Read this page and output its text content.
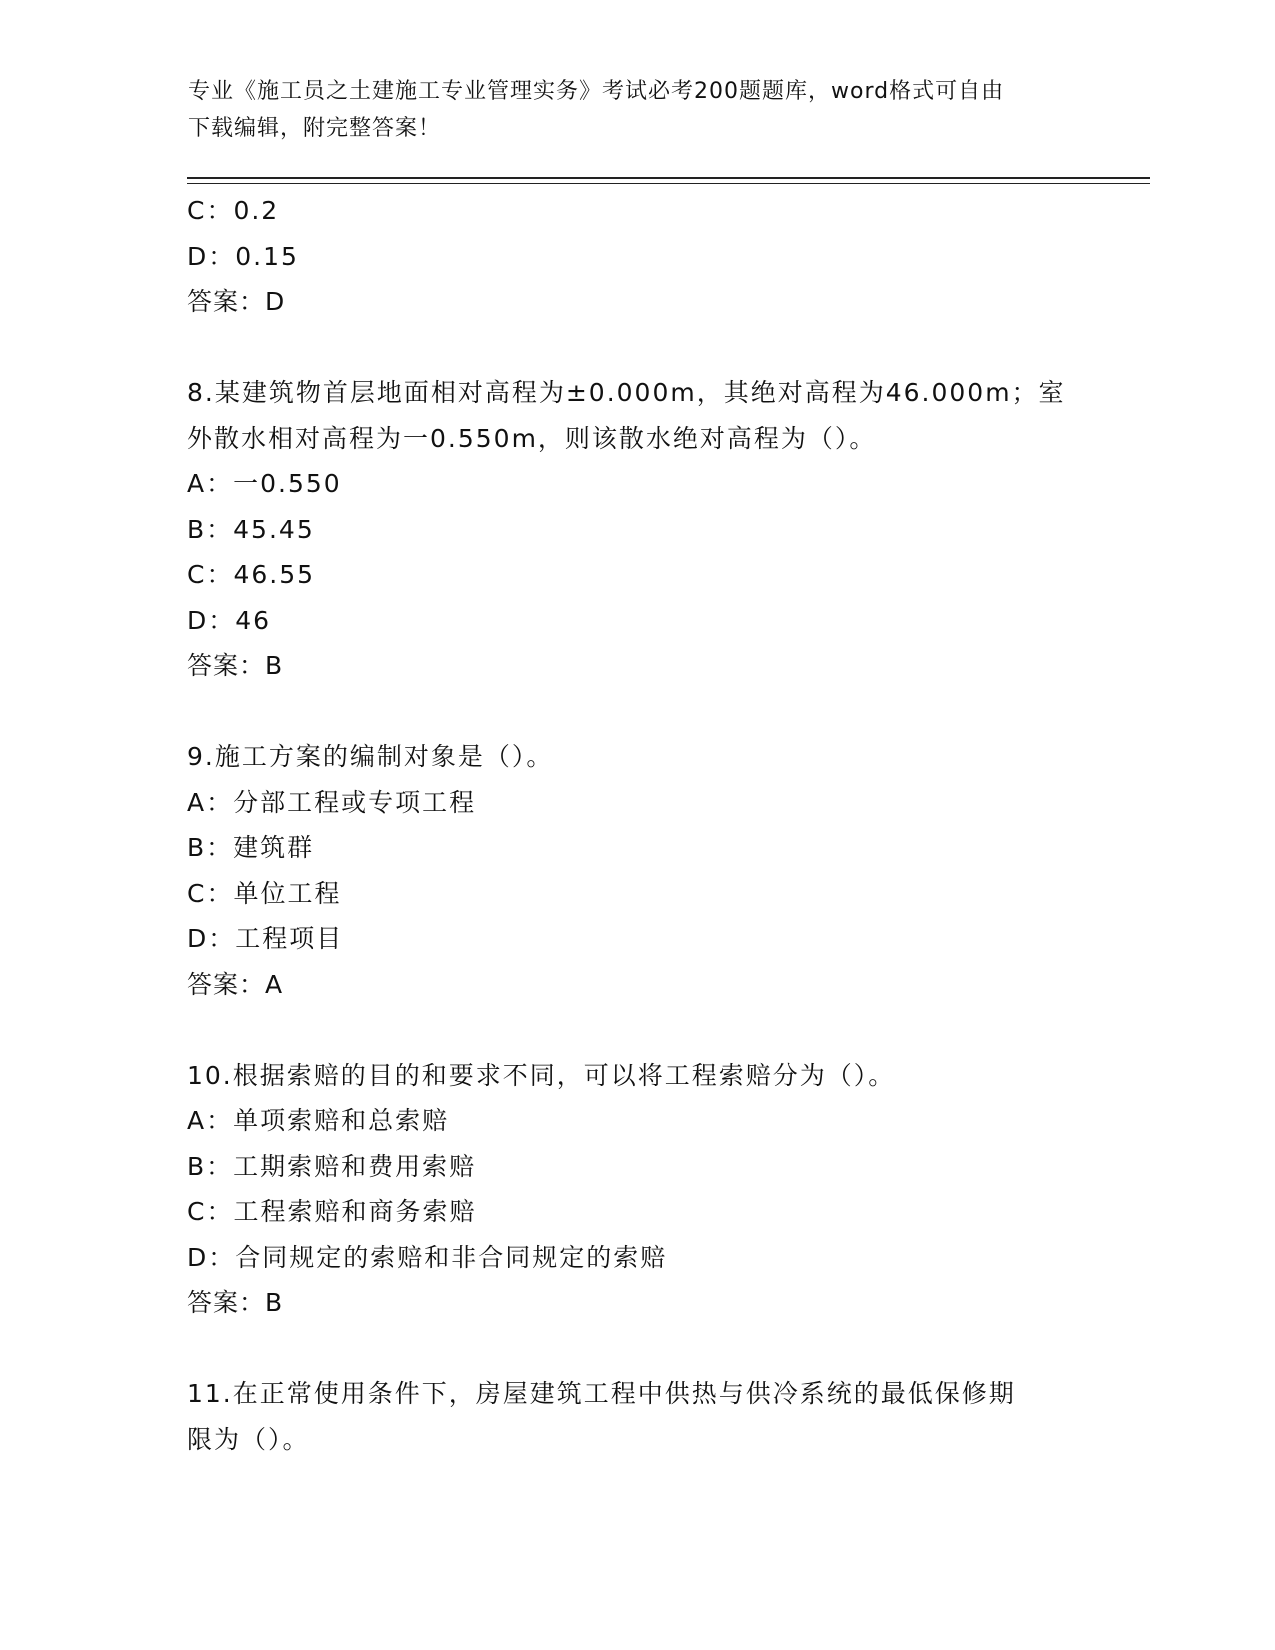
专业《施工员之土建施工专业管理实务》考试必考200题题库，word格式可自由
下载编辑，附完整答案！
C：0.2
D：0.15
答案：D
8.某建筑物首层地面相对高程为±0.000m，其绝对高程为46.000m；室
外散水相对高程为一0.550m，则该散水绝对高程为（）。
A：一0.550
B：45.45
C：46.55
D：46
答案：B
9.施工方案的编制对象是（）。
A：分部工程或专项工程
B：建筑群
C：单位工程
D：工程项目
答案：A
10.根据索赔的目的和要求不同，可以将工程索赔分为（）。
A：单项索赔和总索赔
B：工期索赔和费用索赔
C：工程索赔和商务索赔
D：合同规定的索赔和非合同规定的索赔
答案：B
11.在正常使用条件下，房屋建筑工程中供热与供冷系统的最低保修期
限为（）。
